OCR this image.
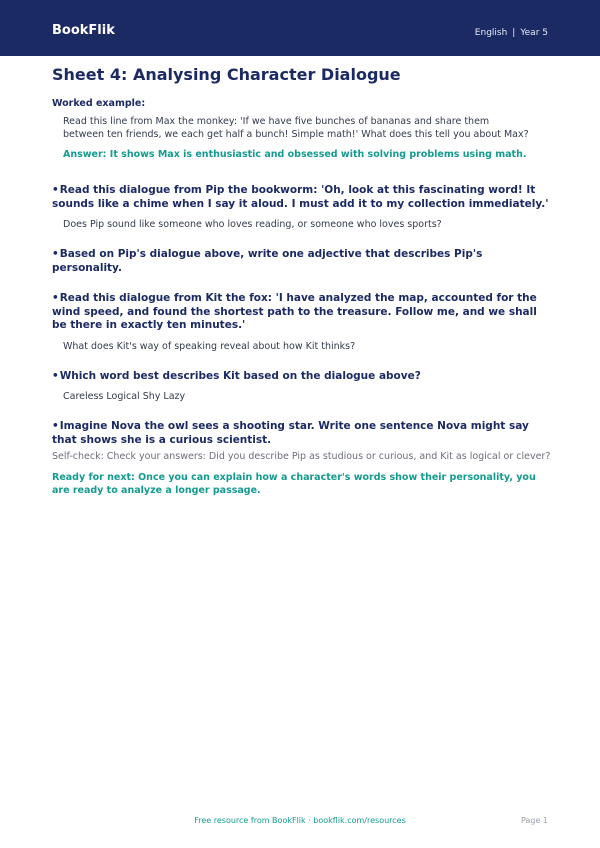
BookFlik	English | Year 5
Sheet 4: Analysing Character Dialogue
Worked example:
Read this line from Max the monkey: 'If we have five bunches of bananas and share them between ten friends, we each get half a bunch! Simple math!' What does this tell you about Max?
Answer: It shows Max is enthusiastic and obsessed with solving problems using math.
•Read this dialogue from Pip the bookworm: 'Oh, look at this fascinating word! It sounds like a chime when I say it aloud. I must add it to my collection immediately.'
Does Pip sound like someone who loves reading, or someone who loves sports?
•Based on Pip's dialogue above, write one adjective that describes Pip's personality.
•Read this dialogue from Kit the fox: 'I have analyzed the map, accounted for the wind speed, and found the shortest path to the treasure. Follow me, and we shall be there in exactly ten minutes.'
What does Kit's way of speaking reveal about how Kit thinks?
•Which word best describes Kit based on the dialogue above?
Careless Logical Shy Lazy
•Imagine Nova the owl sees a shooting star. Write one sentence Nova might say that shows she is a curious scientist.
Self-check: Check your answers: Did you describe Pip as studious or curious, and Kit as logical or clever?
Ready for next: Once you can explain how a character's words show their personality, you are ready to analyze a longer passage.
Free resource from BookFlik · bookflik.com/resources	Page 1
